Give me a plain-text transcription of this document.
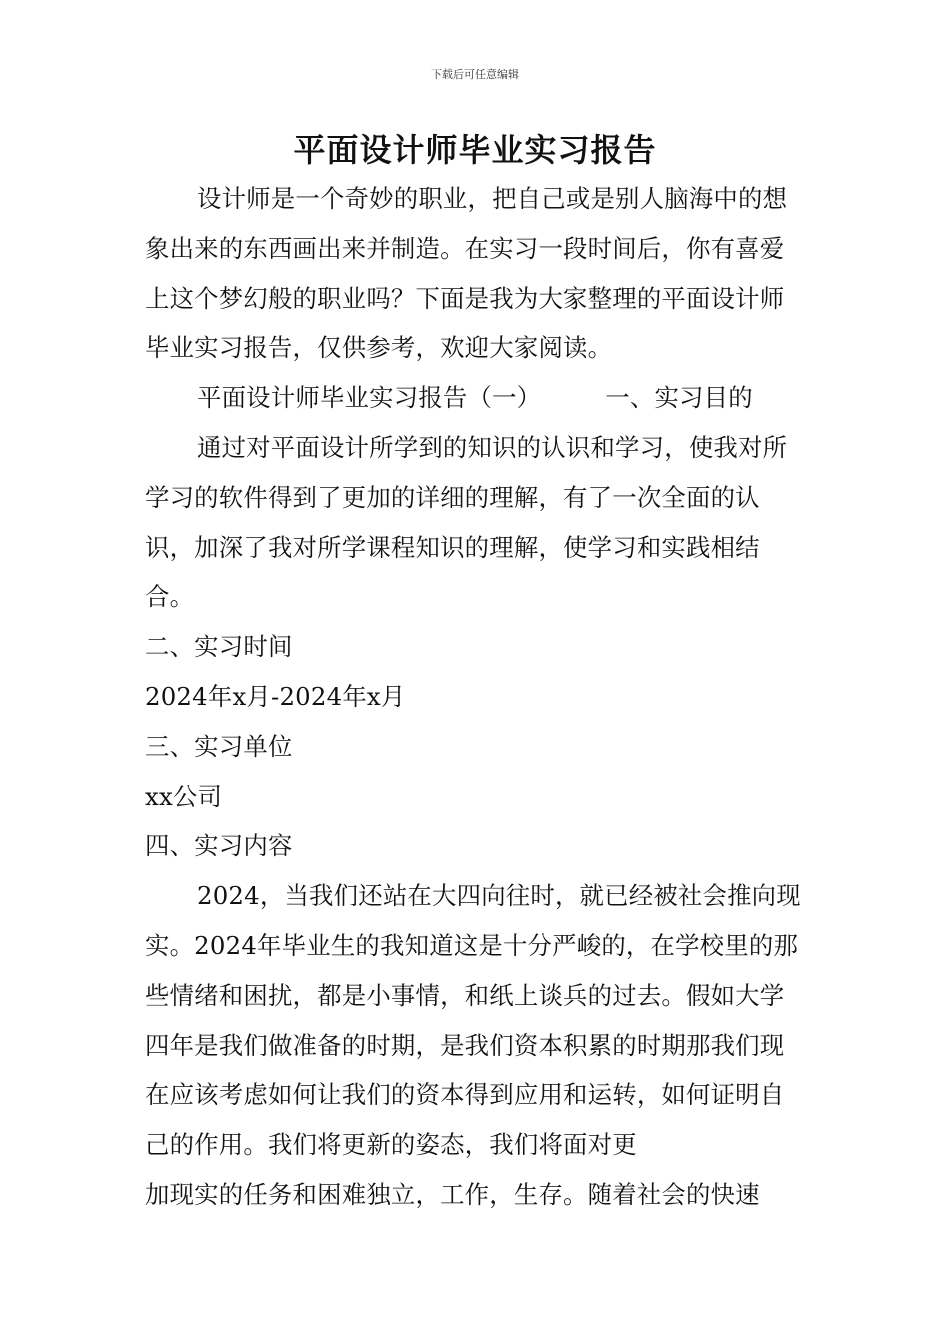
下载后可任意编辑
平面设计师毕业实习报告

设计师是一个奇妙的职业，把自己或是别人脑海中的想象出来的东西画出来并制造。在实习一段时间后，你有喜爱上这个梦幻般的职业吗？下面是我为大家整理的平面设计师毕业实习报告，仅供参考，欢迎大家阅读。

平面设计师毕业实习报告（一）	一、实习目的

通过对平面设计所学到的知识的认识和学习，使我对所学习的软件得到了更加的详细的理解，有了一次全面的认识，加深了我对所学课程知识的理解，使学习和实践相结合。

二、实习时间

2024年x月-2024年x月

三、实习单位

xx公司

四、实习内容

2024，当我们还站在大四向往时，就已经被社会推向现实。2024年毕业生的我知道这是十分严峻的，在学校里的那些情绪和困扰，都是小事情，和纸上谈兵的过去。假如大学四年是我们做准备的时期，是我们资本积累的时期那我们现在应该考虑如何让我们的资本得到应用和运转，如何证明自己的作用。我们将更新的姿态，我们将面对更

加现实的任务和困难独立，工作，生存。随着社会的快速
